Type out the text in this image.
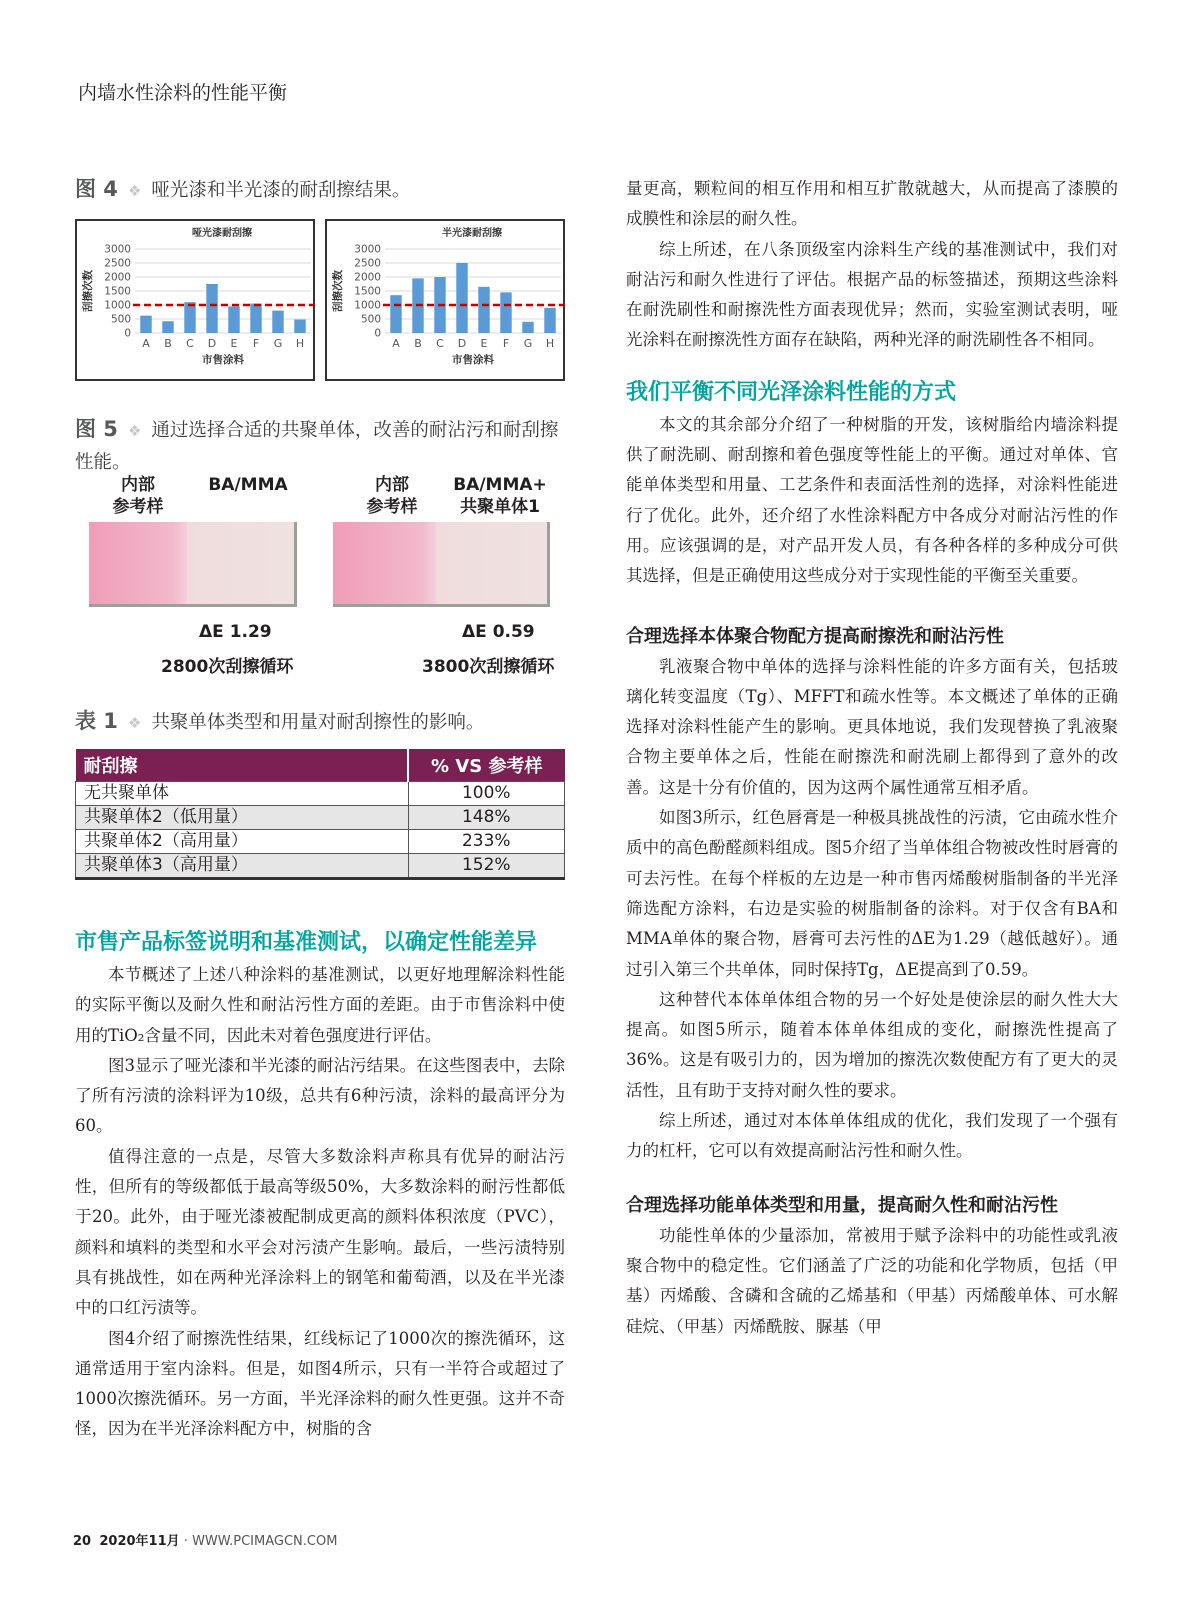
内墙水性涂料的性能平衡
图 4 ❖ 哑光漆和半光漆的耐刮擦结果。
哑光漆耐刮擦
3000
2500
2000
1500
1000
500
0
刮擦次数
A B C D E F G H
市售涂料
半光漆耐刮擦
3000
2500
2000
1500
1000
500
0
刮擦次数
A B C D E F G H
市售涂料
图 5 ❖ 通过选择合适的共聚单体，改善的耐沾污和耐刮擦性能。
内部
参考样
BA/MMA	内部
参考样
BA/MMA+
共聚单体1
ΔE 1.29
2800次刮擦循环
ΔE 0.59
3800次刮擦循环
表 1 ❖ 共聚单体类型和用量对耐刮擦性的影响。
耐刮擦	% VS 参考样
无共聚单体	100%
共聚单体2（低用量）	148%
共聚单体2（高用量）	233%
共聚单体3（高用量）	152%
市售产品标签说明和基准测试，以确定性能差异
本节概述了上述八种涂料的基准测试，以更好地理解涂料性能的实际平衡以及耐久性和耐沾污性方面的差距。由于市售涂料中使用的TiO₂含量不同，因此未对着色强度进行评估。
图3显示了哑光漆和半光漆的耐沾污结果。在这些图表中，去除了所有污渍的涂料评为10级，总共有6种污渍，涂料的最高评分为60。
值得注意的一点是，尽管大多数涂料声称具有优异的耐沾污性，但所有的等级都低于最高等级50%，大多数涂料的耐污性都低于20。此外，由于哑光漆被配制成更高的颜料体积浓度（PVC），颜料和填料的类型和水平会对污渍产生影响。最后，一些污渍特别具有挑战性，如在两种光泽涂料上的钢笔和葡萄酒，以及在半光漆中的口红污渍等。
图4介绍了耐擦洗性结果，红线标记了1000次的擦洗循环，这通常适用于室内涂料。但是，如图4所示，只有一半符合或超过了1000次擦洗循环。另一方面，半光泽涂料的耐久性更强。这并不奇怪，因为在半光泽涂料配方中，树脂的含
量更高，颗粒间的相互作用和相互扩散就越大，从而提高了漆膜的成膜性和涂层的耐久性。
综上所述，在八条顶级室内涂料生产线的基准测试中，我们对耐沾污和耐久性进行了评估。根据产品的标签描述，预期这些涂料在耐洗刷性和耐擦洗性方面表现优异；然而，实验室测试表明，哑光涂料在耐擦洗性方面存在缺陷，两种光泽的耐洗刷性各不相同。
我们平衡不同光泽涂料性能的方式
本文的其余部分介绍了一种树脂的开发，该树脂给内墙涂料提供了耐洗刷、耐刮擦和着色强度等性能上的平衡。通过对单体、官能单体类型和用量、工艺条件和表面活性剂的选择，对涂料性能进行了优化。此外，还介绍了水性涂料配方中各成分对耐沾污性的作用。应该强调的是，对产品开发人员，有各种各样的多种成分可供其选择，但是正确使用这些成分对于实现性能的平衡至关重要。
合理选择本体聚合物配方提高耐擦洗和耐沾污性
乳液聚合物中单体的选择与涂料性能的许多方面有关，包括玻璃化转变温度（Tg）、MFFT和疏水性等。本文概述了单体的正确选择对涂料性能产生的影响。更具体地说，我们发现替换了乳液聚合物主要单体之后，性能在耐擦洗和耐洗刷上都得到了意外的改善。这是十分有价值的，因为这两个属性通常互相矛盾。
如图3所示，红色唇膏是一种极具挑战性的污渍，它由疏水性介质中的高色酚醛颜料组成。图5介绍了当单体组合物被改性时唇膏的可去污性。在每个样板的左边是一种市售丙烯酸树脂制备的半光泽筛选配方涂料，右边是实验的树脂制备的涂料。对于仅含有BA和MMA单体的聚合物，唇膏可去污性的ΔE为1.29（越低越好）。通过引入第三个共单体，同时保持Tg，ΔE提高到了0.59。
这种替代本体单体组合物的另一个好处是使涂层的耐久性大大提高。如图5所示，随着本体单体组成的变化，耐擦洗性提高了36%。这是有吸引力的，因为增加的擦洗次数使配方有了更大的灵活性，且有助于支持对耐久性的要求。
综上所述，通过对本体单体组成的优化，我们发现了一个强有力的杠杆，它可以有效提高耐沾污性和耐久性。
合理选择功能单体类型和用量，提高耐久性和耐沾污性
功能性单体的少量添加，常被用于赋予涂料中的功能性或乳液聚合物中的稳定性。它们涵盖了广泛的功能和化学物质，包括（甲基）丙烯酸、含磷和含硫的乙烯基和（甲基）丙烯酸单体、可水解硅烷、（甲基）丙烯酰胺、脲基（甲
20 2020年11月 · WWW.PCIMAGCN.COM
